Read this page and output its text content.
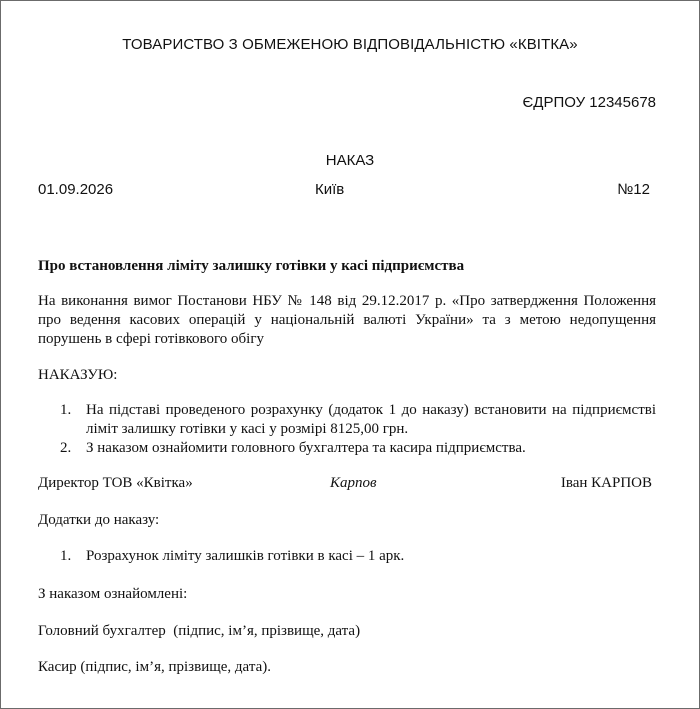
ТОВАРИСТВО З ОБМЕЖЕНОЮ ВІДПОВІДАЛЬНІСТЮ «КВІТКА»
ЄДРПОУ 12345678
НАКАЗ
01.09.2026	Київ	№12
Про встановлення ліміту залишку готівки у касі підприємства
На виконання вимог Постанови НБУ № 148 від 29.12.2017 р. «Про затвердження Положення про ведення касових операцій у національній валюті України» та з метою недопущення порушень в сфері готівкового обігу
НАКАЗУЮ:
1. На підставі проведеного розрахунку (додаток 1 до наказу) встановити на підприємстві ліміт залишку готівки у касі у розмірі 8125,00 грн.
2. З наказом ознайомити головного бухгалтера та касира підприємства.
Директор ТОВ «Квітка»	Карпов	Іван КАРПОВ
Додатки до наказу:
1. Розрахунок ліміту залишків готівки в касі – 1 арк.
З наказом ознайомлені:
Головний бухгалтер  (підпис, ім’я, прізвище, дата)
Касир (підпис, ім’я, прізвище, дата).
